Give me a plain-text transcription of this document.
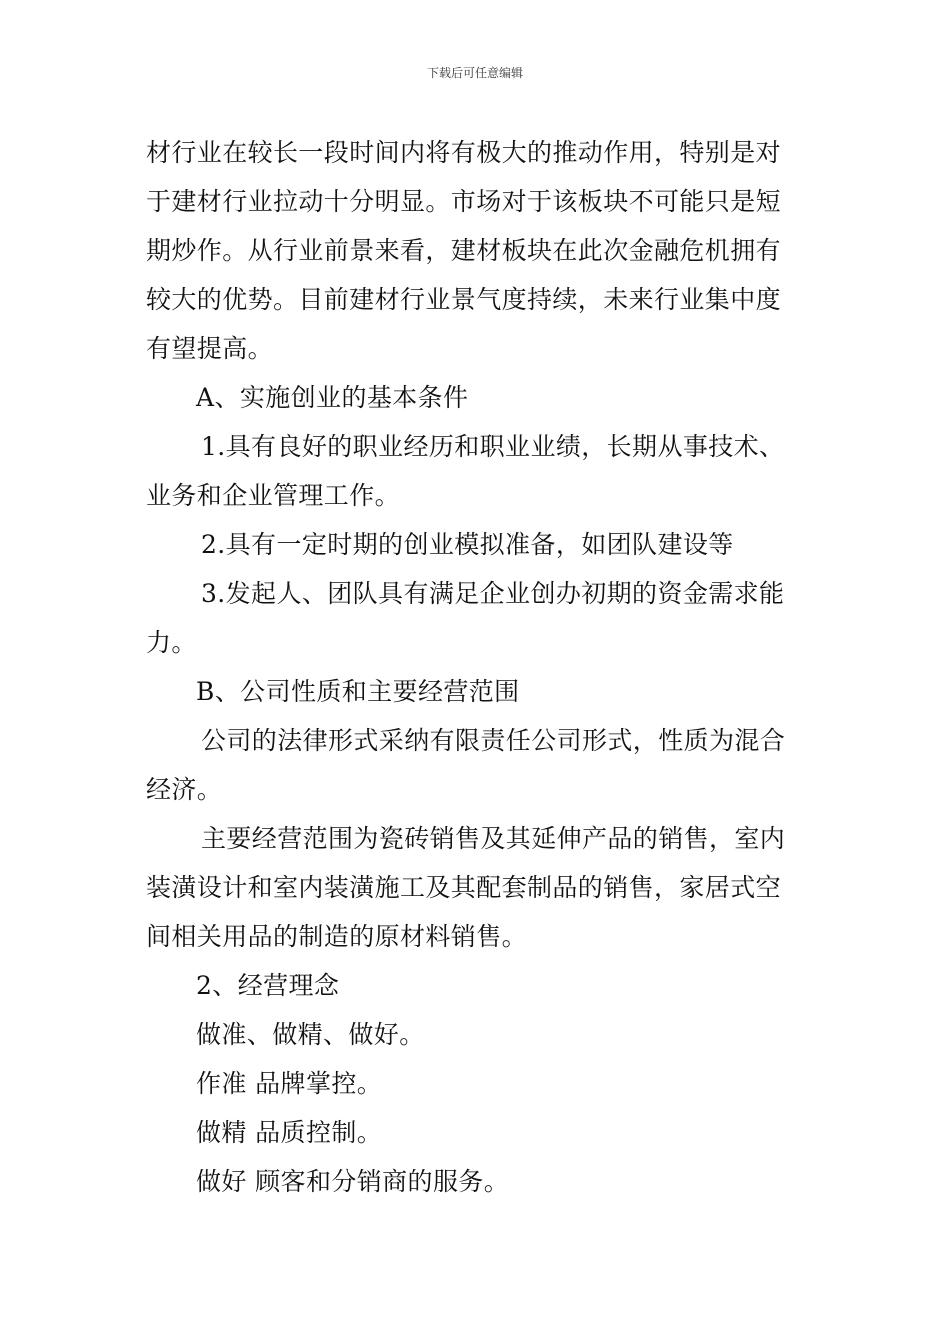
下载后可任意编辑
材行业在较长一段时间内将有极大的推动作用，特别是对
于建材行业拉动十分明显。市场对于该板块不可能只是短
期炒作。从行业前景来看，建材板块在此次金融危机拥有
较大的优势。目前建材行业景气度持续，未来行业集中度
有望提高。
A、实施创业的基本条件
1.具有良好的职业经历和职业业绩，长期从事技术、
业务和企业管理工作。
2.具有一定时期的创业模拟准备，如团队建设等
3.发起人、团队具有满足企业创办初期的资金需求能
力。
B、公司性质和主要经营范围
公司的法律形式采纳有限责任公司形式，性质为混合
经济。
主要经营范围为瓷砖销售及其延伸产品的销售，室内
装潢设计和室内装潢施工及其配套制品的销售，家居式空
间相关用品的制造的原材料销售。
2、经营理念
做准、做精、做好。
作准 品牌掌控。
做精 品质控制。
做好 顾客和分销商的服务。
